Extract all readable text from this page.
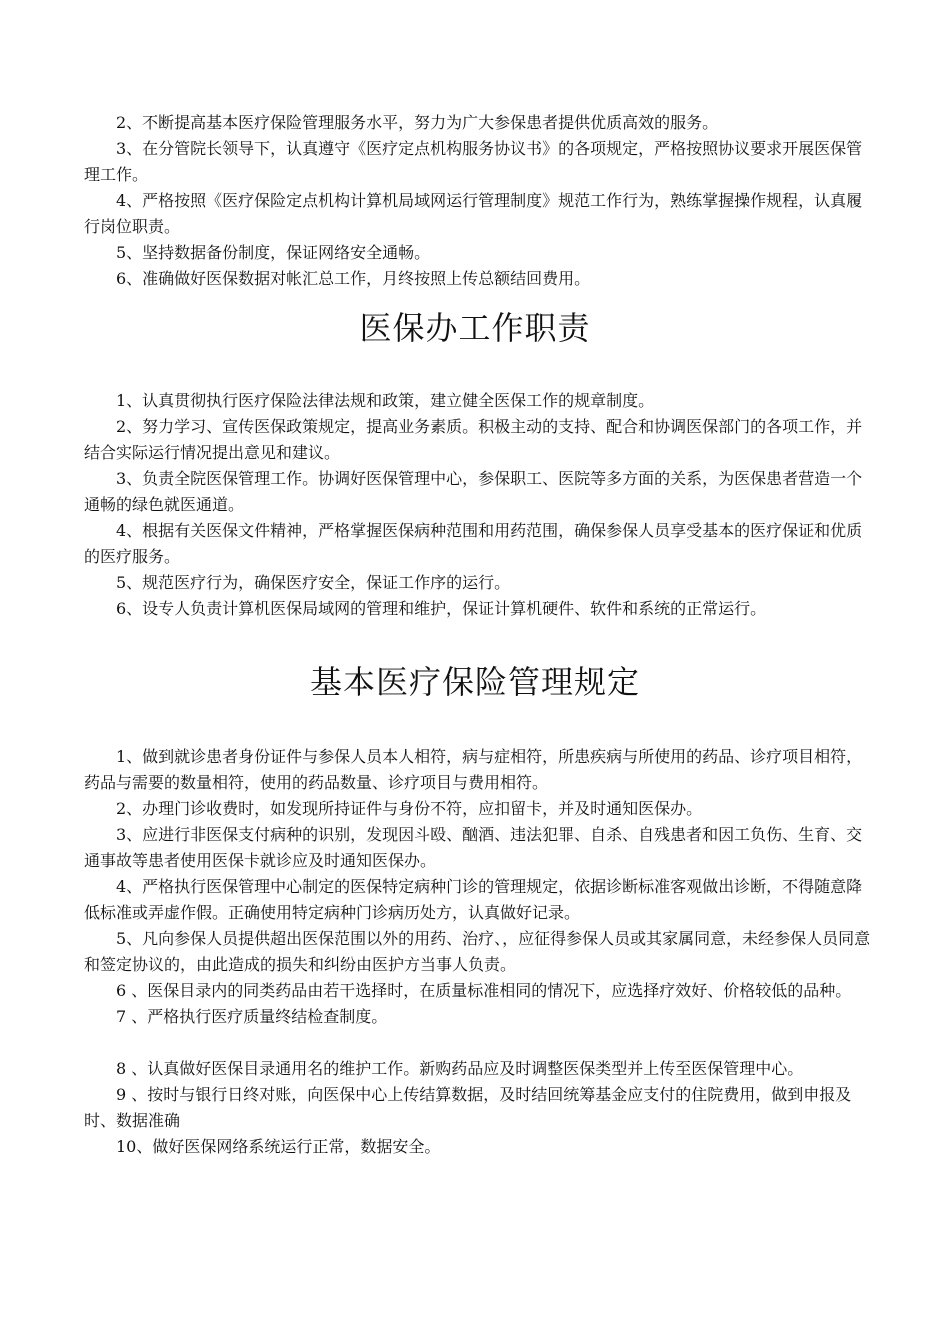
2、不断提高基本医疗保险管理服务水平，努力为广大参保患者提供优质高效的服务。

3、在分管院长领导下，认真遵守《医疗定点机构服务协议书》的各项规定，严格按照协议要求开展医保管理工作。

4、严格按照《医疗保险定点机构计算机局域网运行管理制度》规范工作行为，熟练掌握操作规程，认真履行岗位职责。

5、坚持数据备份制度，保证网络安全通畅。

6、准确做好医保数据对帐汇总工作，月终按照上传总额结回费用。

医保办工作职责

1、认真贯彻执行医疗保险法律法规和政策，建立健全医保工作的规章制度。

2、努力学习、宣传医保政策规定，提高业务素质。积极主动的支持、配合和协调医保部门的各项工作，并结合实际运行情况提出意见和建议。

3、负责全院医保管理工作。协调好医保管理中心，参保职工、医院等多方面的关系，为医保患者营造一个通畅的绿色就医通道。

4、根据有关医保文件精神，严格掌握医保病种范围和用药范围，确保参保人员享受基本的医疗保证和优质的医疗服务。

5、规范医疗行为，确保医疗安全，保证工作序的运行。

6、设专人负责计算机医保局域网的管理和维护，保证计算机硬件、软件和系统的正常运行。

基本医疗保险管理规定

1、做到就诊患者身份证件与参保人员本人相符，病与症相符，所患疾病与所使用的药品、诊疗项目相符，药品与需要的数量相符，使用的药品数量、诊疗项目与费用相符。

2、办理门诊收费时，如发现所持证件与身份不符，应扣留卡，并及时通知医保办。

3、应进行非医保支付病种的识别，发现因斗殴、酗酒、违法犯罪、自杀、自残患者和因工负伤、生育、交通事故等患者使用医保卡就诊应及时通知医保办。

4、严格执行医保管理中心制定的医保特定病种门诊的管理规定，依据诊断标准客观做出诊断，不得随意降低标准或弄虚作假。正确使用特定病种门诊病历处方，认真做好记录。

5、凡向参保人员提供超出医保范围以外的用药、治疗、，应征得参保人员或其家属同意，未经参保人员同意和签定协议的，由此造成的损失和纠纷由医护方当事人负责。

6 、医保目录内的同类药品由若干选择时，在质量标准相同的情况下，应选择疗效好、价格较低的品种。

7 、严格执行医疗质量终结检查制度。

8 、认真做好医保目录通用名的维护工作。新购药品应及时调整医保类型并上传至医保管理中心。

9 、按时与银行日终对账，向医保中心上传结算数据，及时结回统筹基金应支付的住院费用，做到申报及时、数据准确

10、做好医保网络系统运行正常，数据安全。
